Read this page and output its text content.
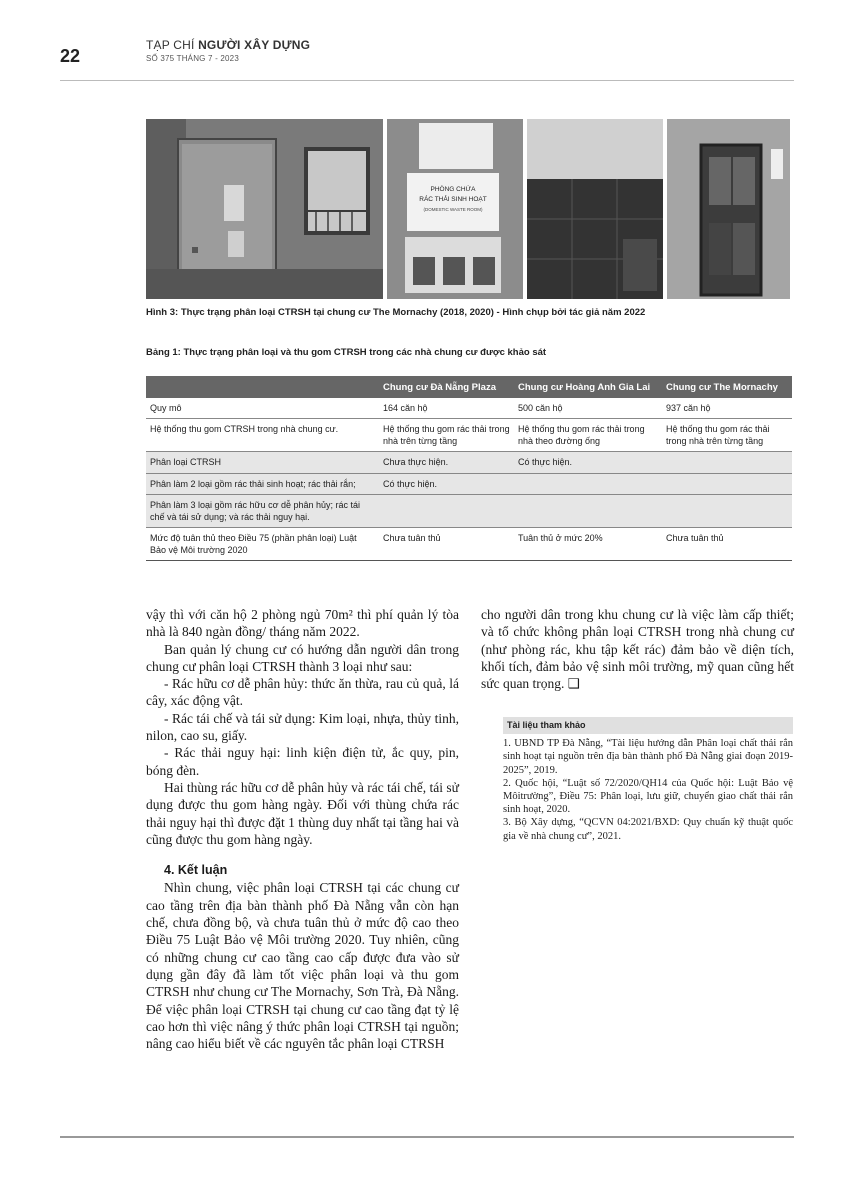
22
TẠP CHÍ NGƯỜI XÂY DỰNG
SỐ 375 THÁNG 7 - 2023
PHÒNG CHỨA
RÁC THẢI SINH HOẠT
(DOMESTIC WASTE ROOM)
Hình 3: Thực trạng phân loại CTRSH tại chung cư The Mornachy (2018, 2020) - Hình chụp bởi tác giả năm 2022
Bảng 1: Thực trạng phân loại và thu gom CTRSH trong các nhà chung cư được khảo sát
	Chung cư Đà Nẵng Plaza	Chung cư Hoàng Anh Gia Lai	Chung cư The Mornachy
Quy mô	164 căn hộ	500 căn hộ	937 căn hộ
Hệ thống thu gom CTRSH trong nhà chung cư.	Hệ thống thu gom rác thải trong nhà trên từng tầng	Hệ thống thu gom rác thải trong nhà theo đường ống	Hệ thống thu gom rác thải trong nhà trên từng tầng
Phân loại CTRSH	Chưa thực hiện.	Có thực hiện.	
Phân làm 2 loại gồm rác thải sinh hoạt; rác thải rắn;	Có thực hiện.		
Phân làm 3 loại gồm rác hữu cơ dễ phân hủy; rác tái chế và tái sử dụng; và rác thải nguy hại.			
Mức độ tuân thủ theo Điều 75 (phần phân loại) Luật Bảo vệ Môi trường 2020	Chưa tuân thủ	Tuân thủ ở mức 20%	Chưa tuân thủ

vậy thì với căn hộ 2 phòng ngủ 70m² thì phí quản lý tòa nhà là 840 ngàn đồng/ tháng năm 2022.

Ban quản lý chung cư có hướng dẫn người dân trong chung cư phân loại CTRSH thành 3 loại như sau:

- Rác hữu cơ dễ phân hủy: thức ăn thừa, rau củ quả, lá cây, xác động vật.

- Rác tái chế và tái sử dụng: Kim loại, nhựa, thủy tinh, nilon, cao su, giấy.

- Rác thải nguy hại: linh kiện điện tử, ắc quy, pin, bóng đèn.

Hai thùng rác hữu cơ dễ phân hủy và rác tái chế, tái sử dụng được thu gom hàng ngày. Đối với thùng chứa rác thải nguy hại thì được đặt 1 thùng duy nhất tại tầng hai và cũng được thu gom hàng ngày.

4. Kết luận

Nhìn chung, việc phân loại CTRSH tại các chung cư cao tầng trên địa bàn thành phố Đà Nẵng vẫn còn hạn chế, chưa đồng bộ, và chưa tuân thủ ở mức độ cao theo Điều 75 Luật Bảo vệ Môi trường 2020. Tuy nhiên, cũng có những chung cư cao tầng cao cấp được đưa vào sử dụng gần đây đã làm tốt việc phân loại và thu gom CTRSH như chung cư The Mornachy, Sơn Trà, Đà Nẵng. Để việc phân loại CTRSH tại chung cư cao tầng đạt tỷ lệ cao hơn thì việc nâng ý thức phân loại CTRSH tại nguồn; nâng cao hiểu biết về các nguyên tắc phân loại CTRSH

cho người dân trong khu chung cư là việc làm cấp thiết; và tổ chức không phân loại CTRSH trong nhà chung cư (như phòng rác, khu tập kết rác) đảm bảo về diện tích, khối tích, đảm bảo vệ sinh môi trường, mỹ quan cũng hết sức quan trọng. ❑

Tài liệu tham khảo

1. UBND TP Đà Nẵng, “Tài liệu hướng dẫn Phân loại chất thải rắn sinh hoạt tại nguồn trên địa bàn thành phố Đà Nẵng giai đoạn 2019-2025”, 2019.

2. Quốc hội, “Luật số 72/2020/QH14 của Quốc hội: Luật Bảo vệ Môitrường”, Điều 75: Phân loại, lưu giữ, chuyển giao chất thải rắn sinh hoạt, 2020.

3. Bộ Xây dựng, “QCVN 04:2021/BXD: Quy chuẩn kỹ thuật quốc gia về nhà chung cư”, 2021.
